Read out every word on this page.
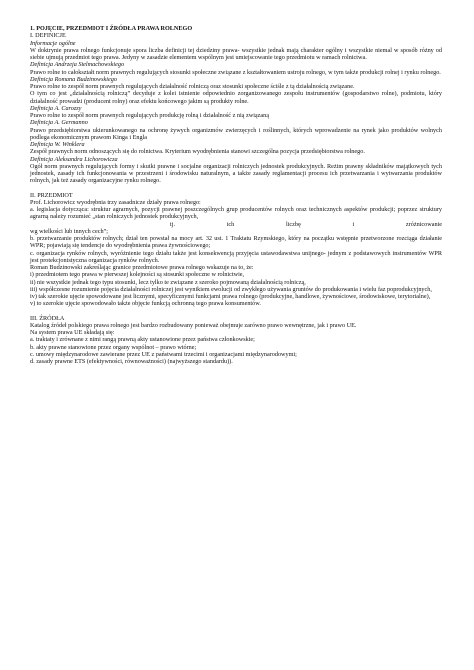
1. POJĘCIE, PRZEDMIOT I ŹRÓDŁA PRAWA ROLNEGO

I. DEFINICJE

Informacje ogólne

W doktrynie prawa rolnego funkcjonuje spora liczba definicji tej dziedziny prawa- wszystkie jednak mają charakter ogólny i wszystkie niemal w sposób różny od siebie ujmują przedmiot tego prawa. Jedyny w zasadzie elementem wspólnym jest umiejscowanie tego przedmiotu w ramach rolnictwa.

Definicja Andrzeja Stelmachowskiego

Prawo rolne to całokształt norm prawnych regulujących stosunki społeczne związane z kształtowaniem ustroju rolnego, w tym także produkcji rolnej i rynku rolnego.

Definicja Romana Budzinowskiego

Prawo rolne to zespół norm prawnych regulujących działalność rolniczą oraz stosunki społeczne ściśle z tą działalnością związane.

O tym co jest „działalnością rolniczą” decyduje z kolei istnienie odpowiednio zorganizowanego zespołu instrumentów (gospodarstwo rolne), podmiotu, który działalność prowadzi (producent rolny) oraz efektu końcowego jakim są produkty rolne.

Definicja A. Carozzy

Prawo rolne to zespół norm prawnych regulujących produkcję rolną i działalność z nią związaną

Definicja A. Germanno

Prawo przedsiębiorstwa ukierunkowanego na ochronę żywych organizmów zwierzęcych i roślinnych, których wprowadzenie na rynek jako produktów wolnych podlega ekonomicznym prawom Kinga i Engla

Definicja W. Winklera

Zespół prawnych norm odnoszących się do rolnictwa. Kryterium wyodrębnienia stanowi szczególna pozycja przedsiębiorstwa rolnego.

Definicja Aleksandra Lichorowicza

Ogół norm prawnych regulujących formy i skutki prawne i socjalne organizacji rolniczych jednostek produkcyjnych. Reżim prawny składników majątkowych tych jednostek, zasady ich funkcjonowania w przestrzeni i środowisku naturalnym, a także zasady reglamentacji procesu ich przetwarzania i wytwarzania produktów rolnych, jak też zasady organizacyjne rynku rolnego.

II. PRZEDMIOT

Prof. Lichorowicz wyodrębnia trzy zasadnicze działy prawa rolnego:

a. legislacja dotycząca: struktur agrarnych, pozycji prawnej poszczególnych grup producentów rolnych oraz technicznych aspektów produkcji; poprzez struktury agrarną należy rozumieć „stan rolniczych jednostek produkcyjnych,

tj. ich liczbę i zróżnicowanie

wg wielkości lub innych cech”;

b. przetwarzanie produktów rolnych; dział ten powstał na mocy art. 32 ust. 1 Traktatu Rzymskiego, który na początku wstępnie przetworzone rozciąga działanie WPR; pojawiają się tendencje do wyodrębnienia prawa żywnościowego;

c. organizacja rynków rolnych, wyróżnienie tego działu także jest konsekwencją przyjęcia ustawodawstwa unijnego- jednym z podstawowych instrumentów WPR jest protekcjonistyczna organizacja rynków rolnych.

Roman Budzinowski zakreślając granice przedmiotowe prawa rolnego wskazuje na to, że:

i) przedmiotem tego prawa w pierwszej kolejności są stosunki społeczne w rolnictwie,

ii) nie wszystkie jednak tego typu stosunki, lecz tylko te związane z szeroko pojmowaną działalnością rolniczą,

iii) współczesne rozumienie pojęcia działalności rolniczej jest wynikiem ewolucji od zwykłego używania gruntów do produkowania i wielu faz poprodukcyjnych,

iv) tak szerokie ujęcie spowodowane jest licznymi, specyficznymi funkcjami prawa rolnego (produkcyjne, handlowe, żywnościowe, środowiskowe, terytorialne),

v) to szerokie ujęcie spowodowało także objęcie funkcją ochronną tego prawa konsumentów.

III. ŹRÓDŁA

Katalog źródeł polskiego prawa rolnego jest bardzo rozbudowany ponieważ obejmuje zarówno prawo wewnętrzne, jak i prawo UE.

Na system prawa UE składają się:

a. traktaty i zrównane z nimi rangą prawną akty ustanowione przez państwa członkowskie;

b. akty prawne stanowione przez organy wspólnot – prawo wtórne;

c. umowy międzynarodowe zawierane przez UE z państwami trzecimi i organizacjami międzynarodowymi;

d. zasady prawne ETS (efektywności, równoważności) (najwyższego standardu)).
